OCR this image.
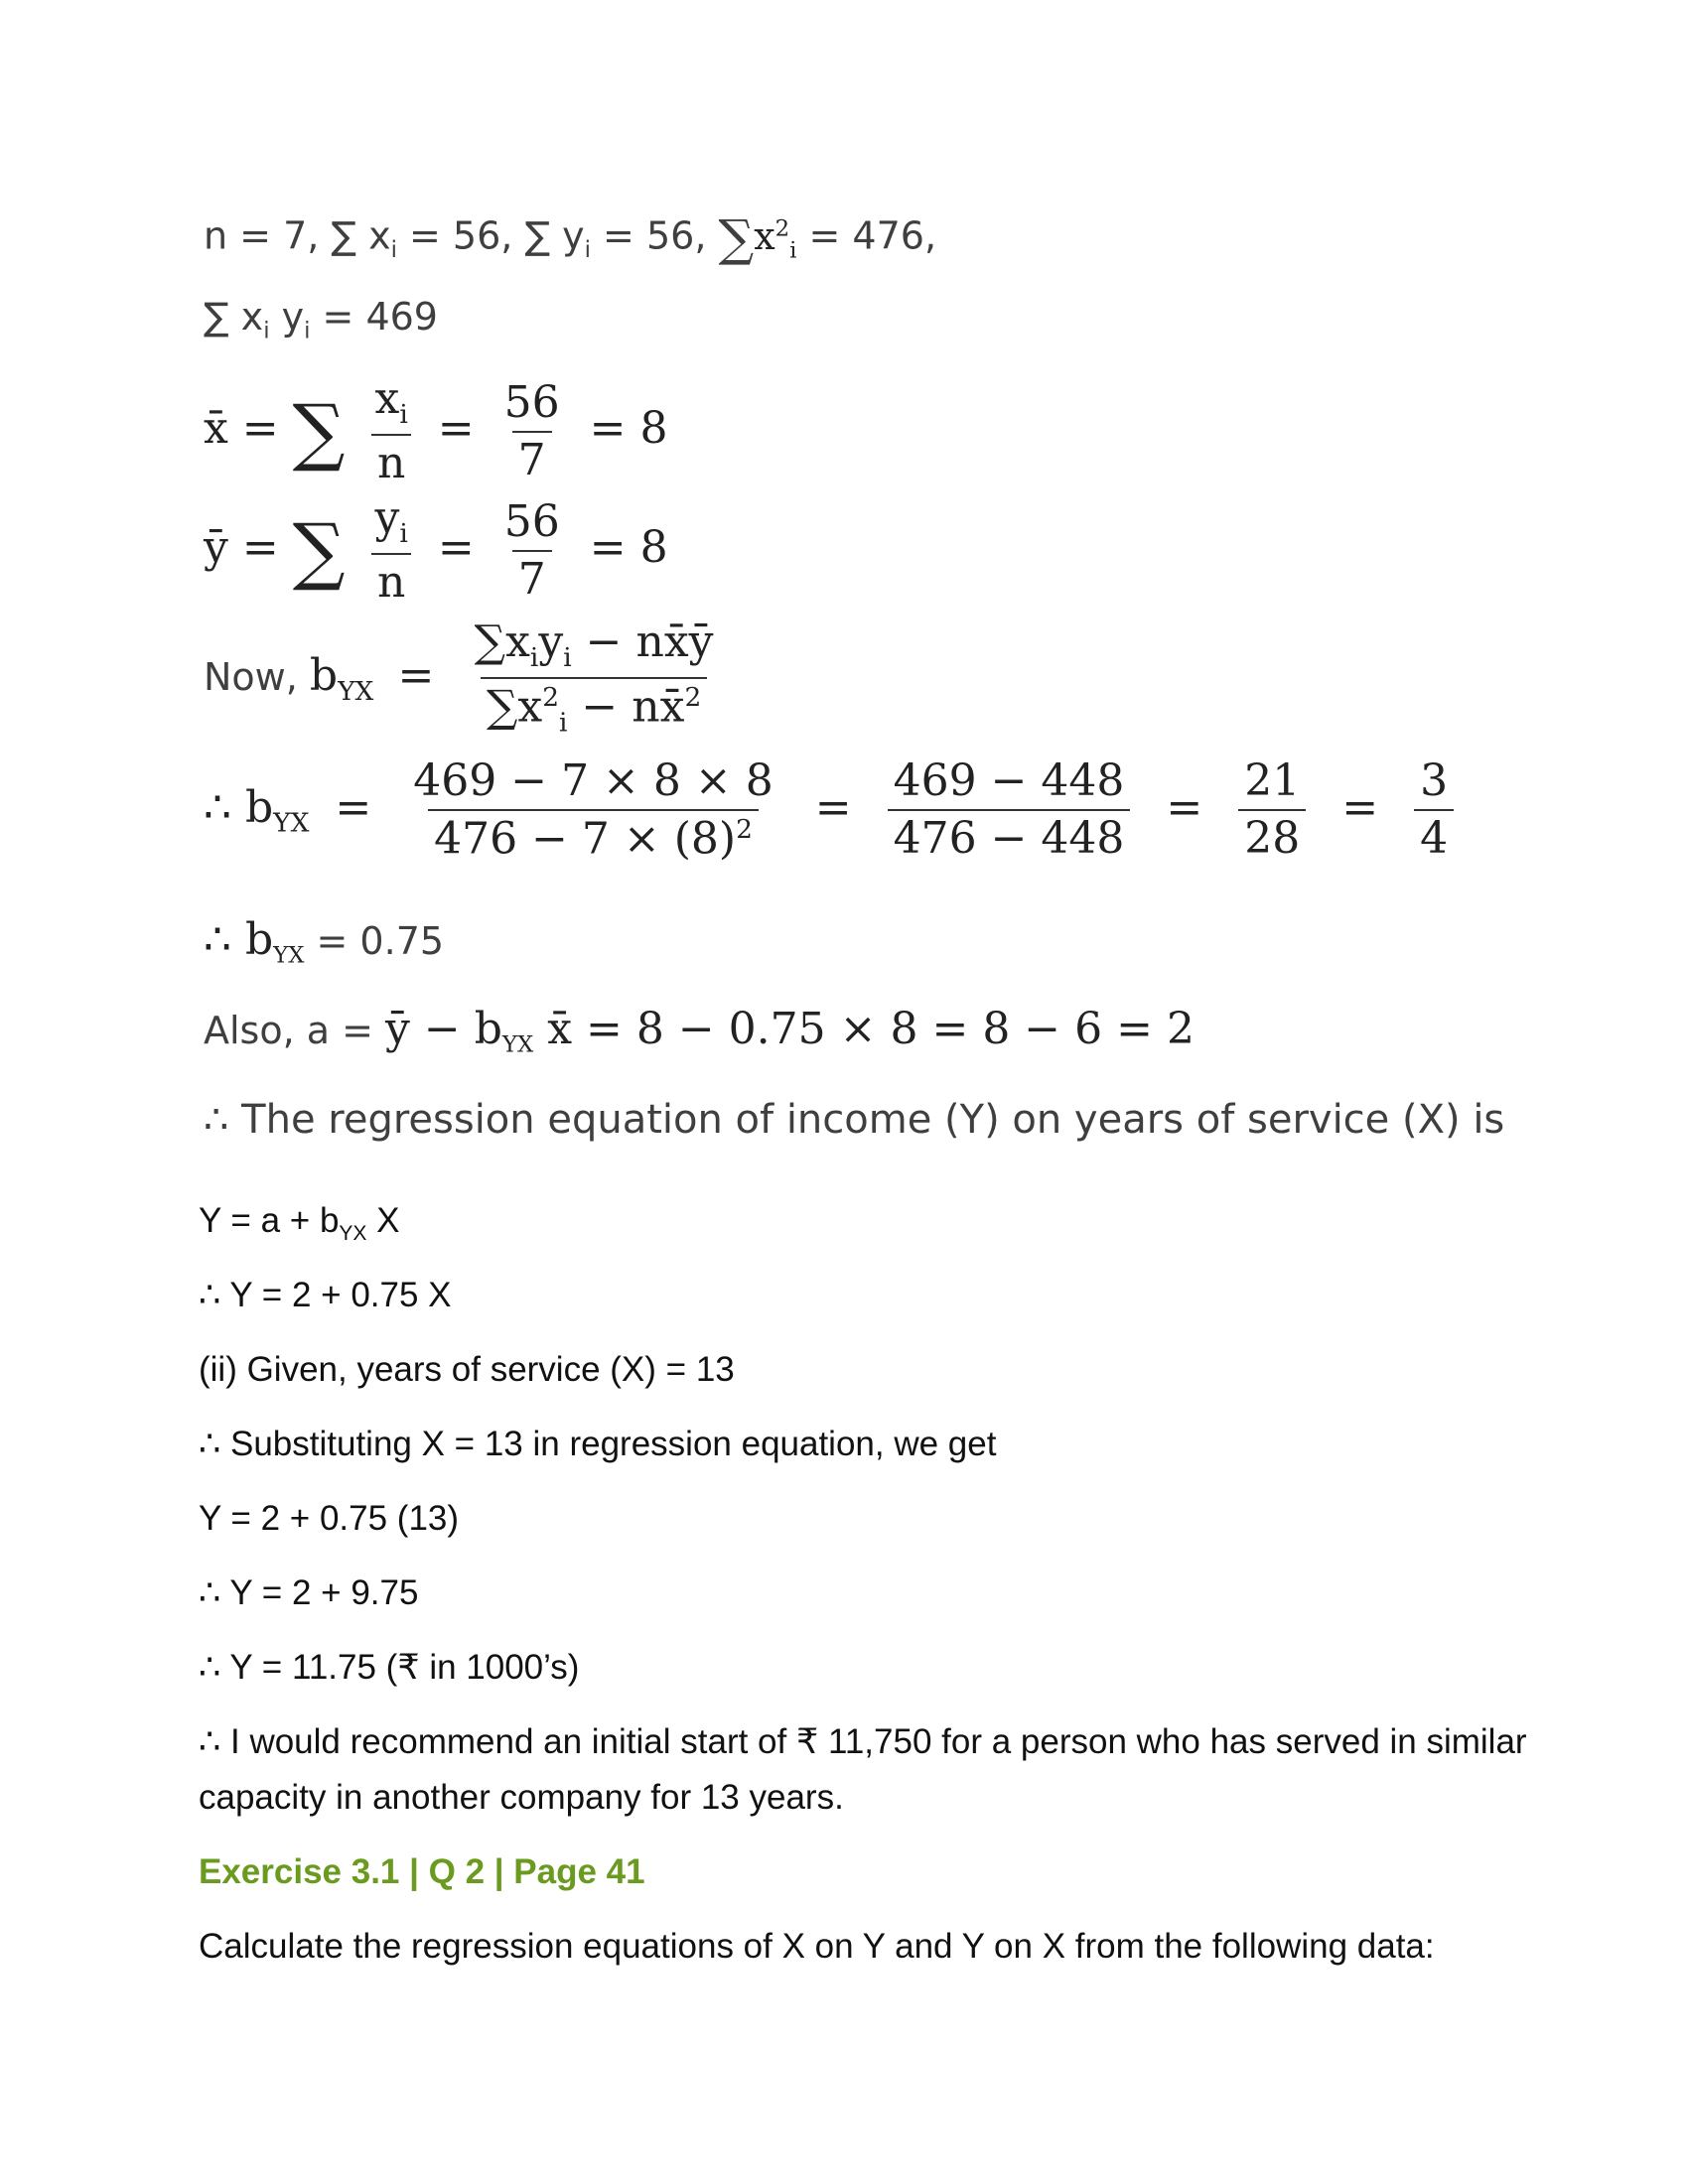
n = 7, ∑ $x_i = 56$, ∑ $y_i = 56$, $\sum x^2_i = 476$,
∑ $x_i$ $y_i = 469$
x̄ = ∑ $\frac{x_i}{n} = \frac{56}{7} = 8$
ȳ = ∑ $\frac{y_i}{n} = \frac{56}{7} = 8$
Now, $b_{YX} = \frac{\sum x_iy_i - nx̄ȳ}{\sum x^2_i - nx̄^2}$
∴ $b_{YX} = \frac{469 - 7 \times 8 \times 8}{476 - 7 \times (8)^2} = \frac{469 - 448}{476 - 448} = \frac{21}{28} = \frac{3}{4}$
∴ $b_{YX} = 0.75$
Also, a = ȳ − $b_{YX}$ x̄ = 8 − 0.75 × 8 = 8 − 6 = 2
∴ The regression equation of income (Y) on years of service (X) is
$Y = a + b_{YX}$ X
∴ Y = 2 + 0.75 X
(ii) Given, years of service (X) = 13
∴ Substituting X = 13 in regression equation, we get
Y = 2 + 0.75 (13)
∴ Y = 2 + 9.75
∴ Y = 11.75 (₹ in 1000’s)
∴ I would recommend an initial start of ₹ 11,750 for a person who has served in similar
capacity in another company for 13 years.
Exercise 3.1 | Q 2 | Page 41
Calculate the regression equations of X on Y and Y on X from the following data:
